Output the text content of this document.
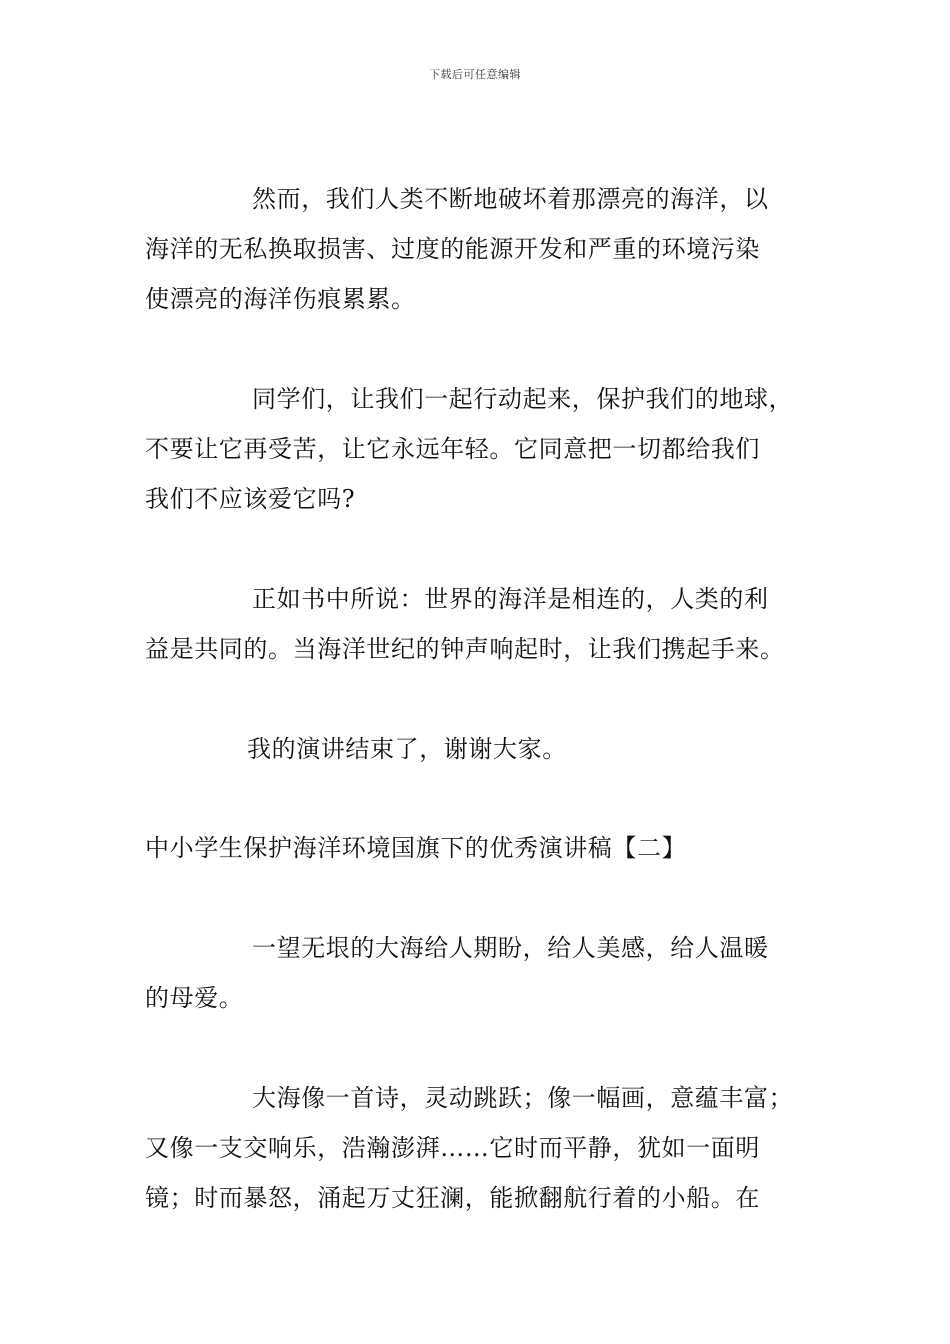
下载后可任意编辑
然而，我们人类不断地破坏着那漂亮的海洋，以
海洋的无私换取损害、过度的能源开发和严重的环境污染
使漂亮的海洋伤痕累累。
同学们，让我们一起行动起来，保护我们的地球，
不要让它再受苦，让它永远年轻。它同意把一切都给我们
我们不应该爱它吗?
正如书中所说：世界的海洋是相连的，人类的利
益是共同的。当海洋世纪的钟声响起时，让我们携起手来。
我的演讲结束了，谢谢大家。
中小学生保护海洋环境国旗下的优秀演讲稿【二】
一望无垠的大海给人期盼，给人美感，给人温暖
的母爱。
大海像一首诗，灵动跳跃；像一幅画，意蕴丰富；
又像一支交响乐，浩瀚澎湃……它时而平静，犹如一面明
镜；时而暴怒，涌起万丈狂澜，能掀翻航行着的小船。在
